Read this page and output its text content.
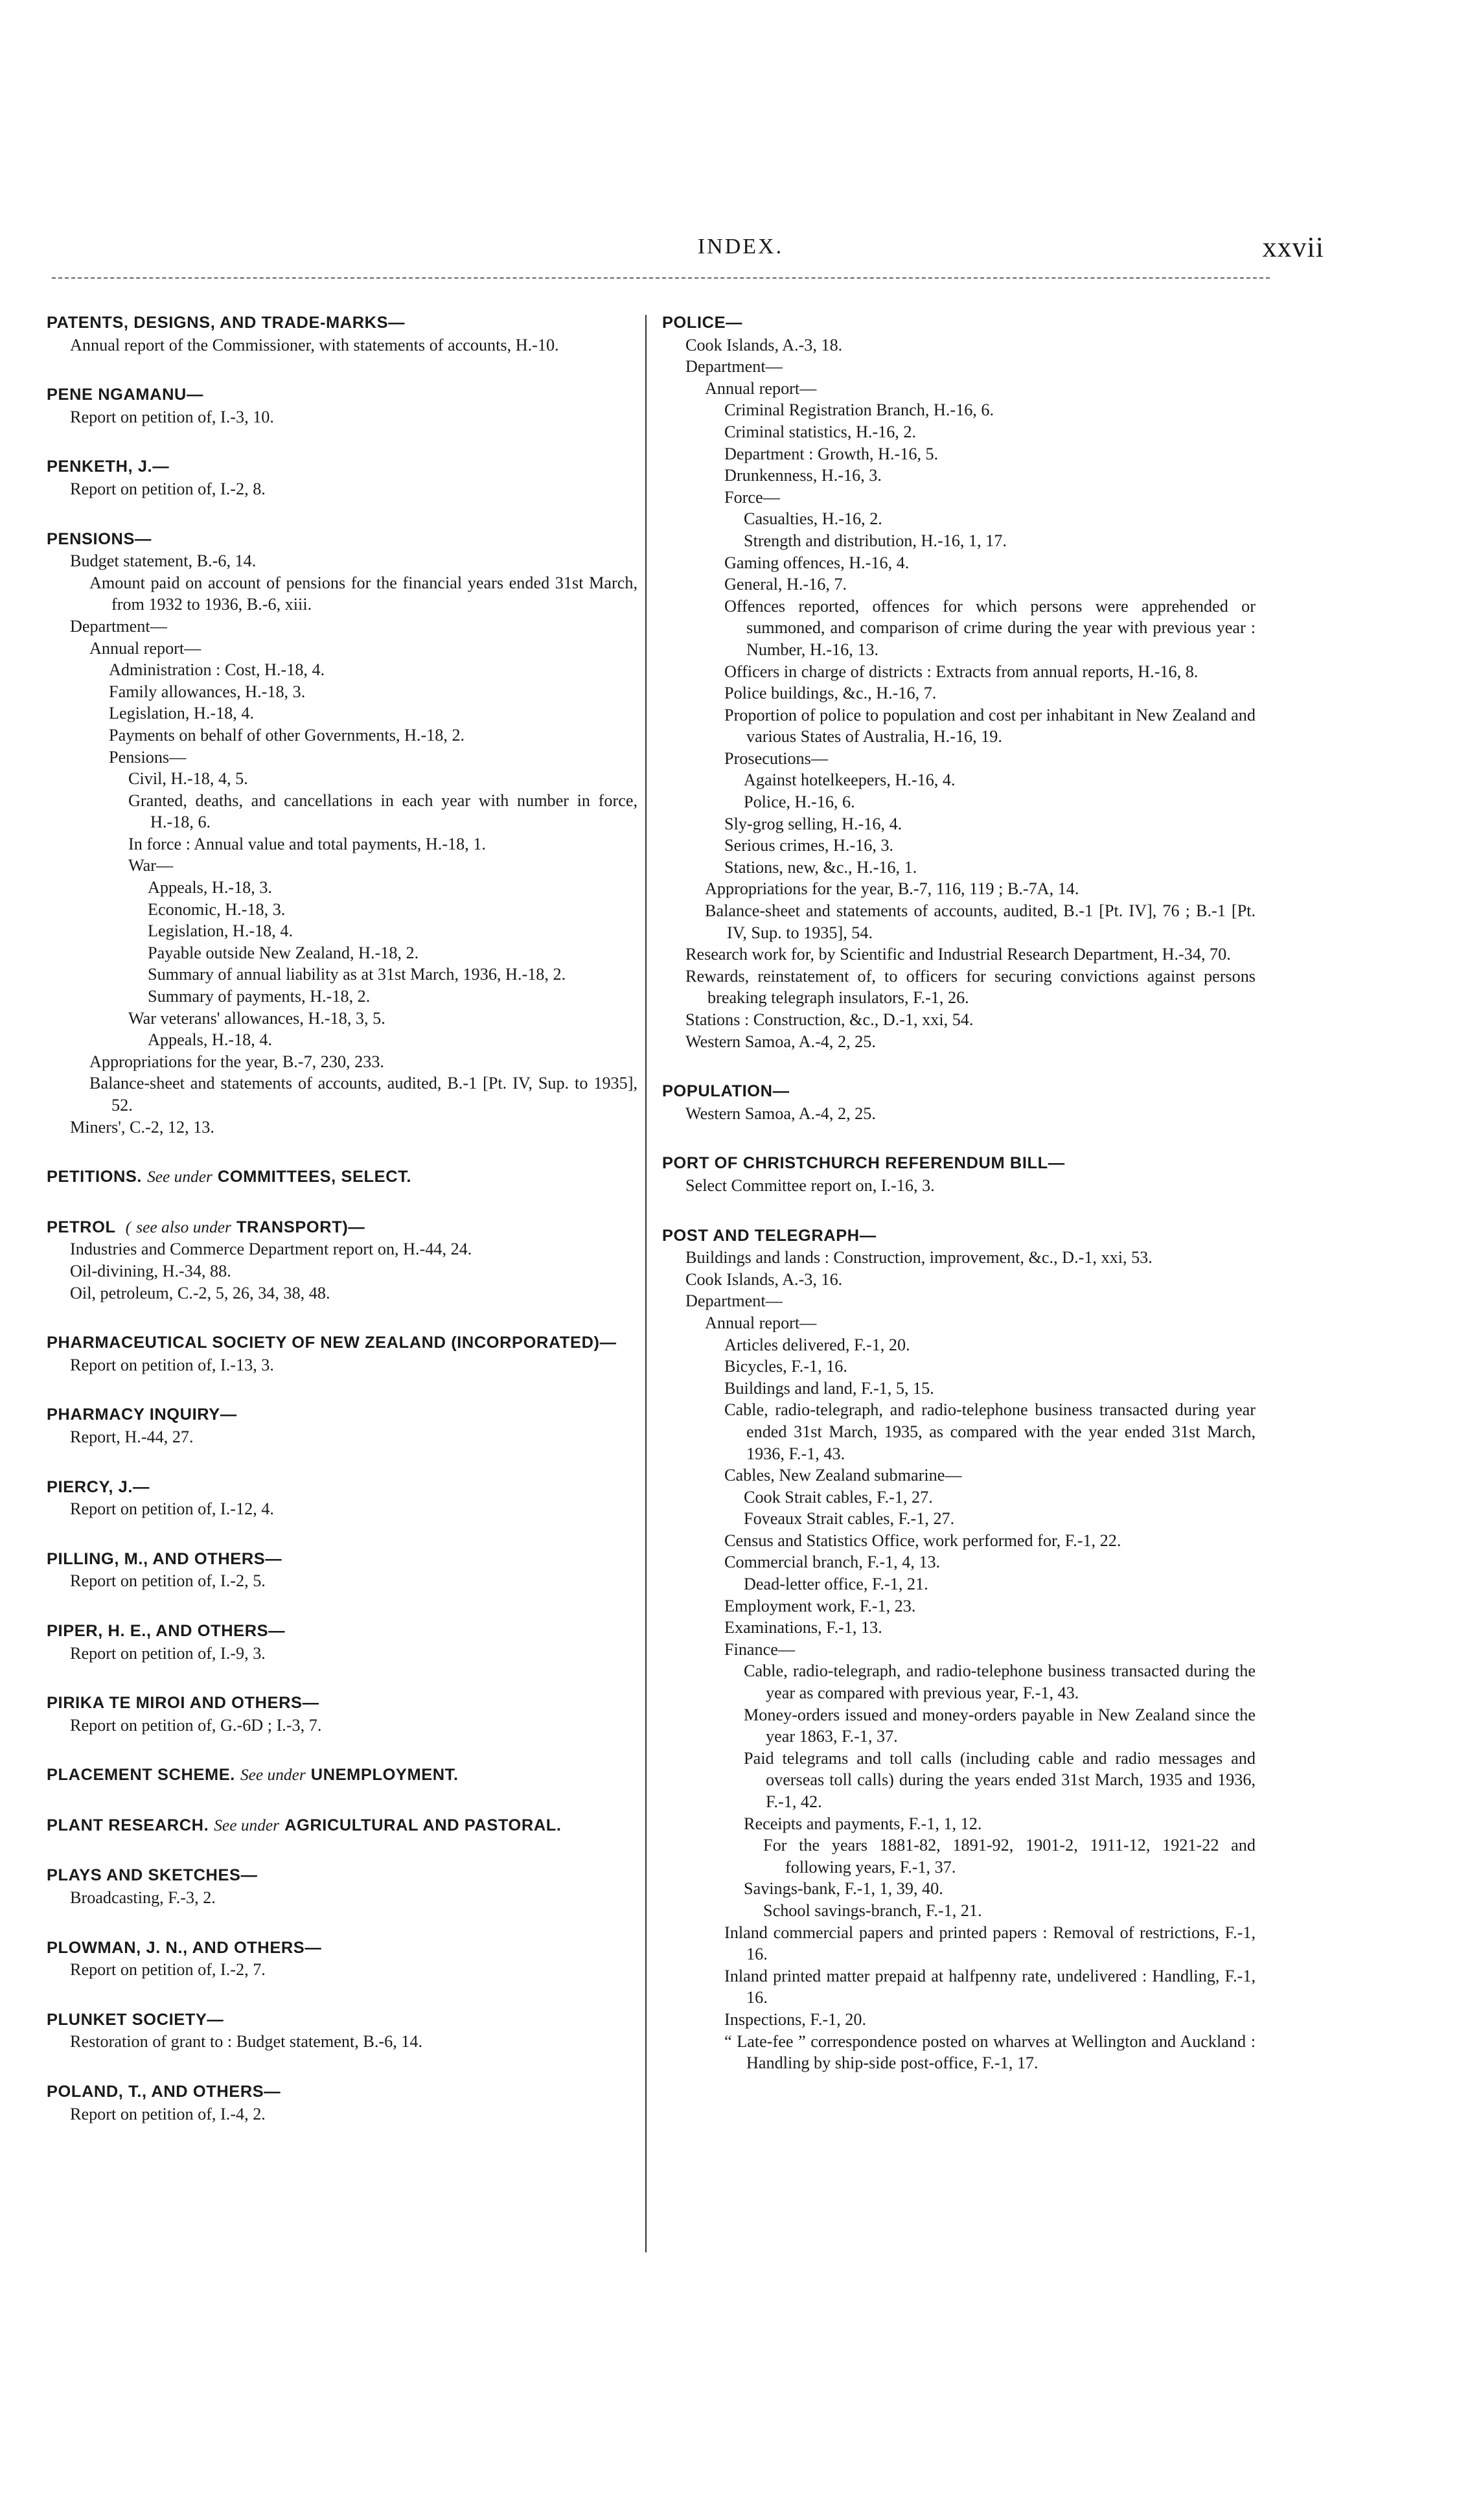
INDEX.	xxvii
PATENTS, DESIGNS, AND TRADE-MARKS—
Annual report of the Commissioner, with statements of accounts, H.-10.
PENE NGAMANU—
Report on petition of, I.-3, 10.
PENKETH, J.—
Report on petition of, I.-2, 8.
PENSIONS—
Budget statement, B.-6, 14.
Amount paid on account of pensions for the financial years ended 31st March, from 1932 to 1936, B.-6, xiii.
Department—
Annual report—
Administration : Cost, H.-18, 4.
Family allowances, H.-18, 3.
Legislation, H.-18, 4.
Payments on behalf of other Governments, H.-18, 2.
Pensions—
Civil, H.-18, 4, 5.
Granted, deaths, and cancellations in each year with number in force, H.-18, 6.
In force : Annual value and total payments, H.-18, 1.
War—
Appeals, H.-18, 3.
Economic, H.-18, 3.
Legislation, H.-18, 4.
Payable outside New Zealand, H.-18, 2.
Summary of annual liability as at 31st March, 1936, H.-18, 2.
Summary of payments, H.-18, 2.
War veterans' allowances, H.-18, 3, 5.
Appeals, H.-18, 4.
Appropriations for the year, B.-7, 230, 233.
Balance-sheet and statements of accounts, audited, B.-1 [Pt. IV, Sup. to 1935], 52.
Miners', C.-2, 12, 13.
PETITIONS. See under COMMITTEES, SELECT.
PETROL ( see also under TRANSPORT)—
Industries and Commerce Department report on, H.-44, 24.
Oil-divining, H.-34, 88.
Oil, petroleum, C.-2, 5, 26, 34, 38, 48.
PHARMACEUTICAL SOCIETY OF NEW ZEALAND (INCORPORATED)—
Report on petition of, I.-13, 3.
PHARMACY INQUIRY—
Report, H.-44, 27.
PIERCY, J.—
Report on petition of, I.-12, 4.
PILLING, M., AND OTHERS—
Report on petition of, I.-2, 5.
PIPER, H. E., AND OTHERS—
Report on petition of, I.-9, 3.
PIRIKA TE MIROI AND OTHERS—
Report on petition of, G.-6D ; I.-3, 7.
PLACEMENT SCHEME. See under UNEMPLOYMENT.
PLANT RESEARCH. See under AGRICULTURAL AND PASTORAL.
PLAYS AND SKETCHES—
Broadcasting, F.-3, 2.
PLOWMAN, J. N., AND OTHERS—
Report on petition of, I.-2, 7.
PLUNKET SOCIETY—
Restoration of grant to : Budget statement, B.-6, 14.
POLAND, T., AND OTHERS—
Report on petition of, I.-4, 2.
POLICE—
Cook Islands, A.-3, 18.
Department—
Annual report—
Criminal Registration Branch, H.-16, 6.
Criminal statistics, H.-16, 2.
Department : Growth, H.-16, 5.
Drunkenness, H.-16, 3.
Force—
Casualties, H.-16, 2.
Strength and distribution, H.-16, 1, 17.
Gaming offences, H.-16, 4.
General, H.-16, 7.
Offences reported, offences for which persons were apprehended or summoned, and comparison of crime during the year with previous year : Number, H.-16, 13.
Officers in charge of districts : Extracts from annual reports, H.-16, 8.
Police buildings, &c., H.-16, 7.
Proportion of police to population and cost per inhabitant in New Zealand and various States of Australia, H.-16, 19.
Prosecutions—
Against hotelkeepers, H.-16, 4.
Police, H.-16, 6.
Sly-grog selling, H.-16, 4.
Serious crimes, H.-16, 3.
Stations, new, &c., H.-16, 1.
Appropriations for the year, B.-7, 116, 119 ; B.-7A, 14.
Balance-sheet and statements of accounts, audited, B.-1 [Pt. IV], 76 ; B.-1 [Pt. IV, Sup. to 1935], 54.
Research work for, by Scientific and Industrial Research Department, H.-34, 70.
Rewards, reinstatement of, to officers for securing convictions against persons breaking telegraph insulators, F.-1, 26.
Stations : Construction, &c., D.-1, xxi, 54.
Western Samoa, A.-4, 2, 25.
POPULATION—
Western Samoa, A.-4, 2, 25.
PORT OF CHRISTCHURCH REFERENDUM BILL—
Select Committee report on, I.-16, 3.
POST AND TELEGRAPH—
Buildings and lands : Construction, improvement, &c., D.-1, xxi, 53.
Cook Islands, A.-3, 16.
Department—
Annual report—
Articles delivered, F.-1, 20.
Bicycles, F.-1, 16.
Buildings and land, F.-1, 5, 15.
Cable, radio-telegraph, and radio-telephone business transacted during year ended 31st March, 1935, as compared with the year ended 31st March, 1936, F.-1, 43.
Cables, New Zealand submarine—
Cook Strait cables, F.-1, 27.
Foveaux Strait cables, F.-1, 27.
Census and Statistics Office, work performed for, F.-1, 22.
Commercial branch, F.-1, 4, 13.
Dead-letter office, F.-1, 21.
Employment work, F.-1, 23.
Examinations, F.-1, 13.
Finance—
Cable, radio-telegraph, and radio-telephone business transacted during the year as compared with previous year, F.-1, 43.
Money-orders issued and money-orders payable in New Zealand since the year 1863, F.-1, 37.
Paid telegrams and toll calls (including cable and radio messages and overseas toll calls) during the years ended 31st March, 1935 and 1936, F.-1, 42.
Receipts and payments, F.-1, 1, 12.
For the years 1881-82, 1891-92, 1901-2, 1911-12, 1921-22 and following years, F.-1, 37.
Savings-bank, F.-1, 1, 39, 40.
School savings-branch, F.-1, 21.
Inland commercial papers and printed papers : Removal of restrictions, F.-1, 16.
Inland printed matter prepaid at halfpenny rate, undelivered : Handling, F.-1, 16.
Inspections, F.-1, 20.
“ Late-fee ” correspondence posted on wharves at Wellington and Auckland : Handling by ship-side post-office, F.-1, 17.
